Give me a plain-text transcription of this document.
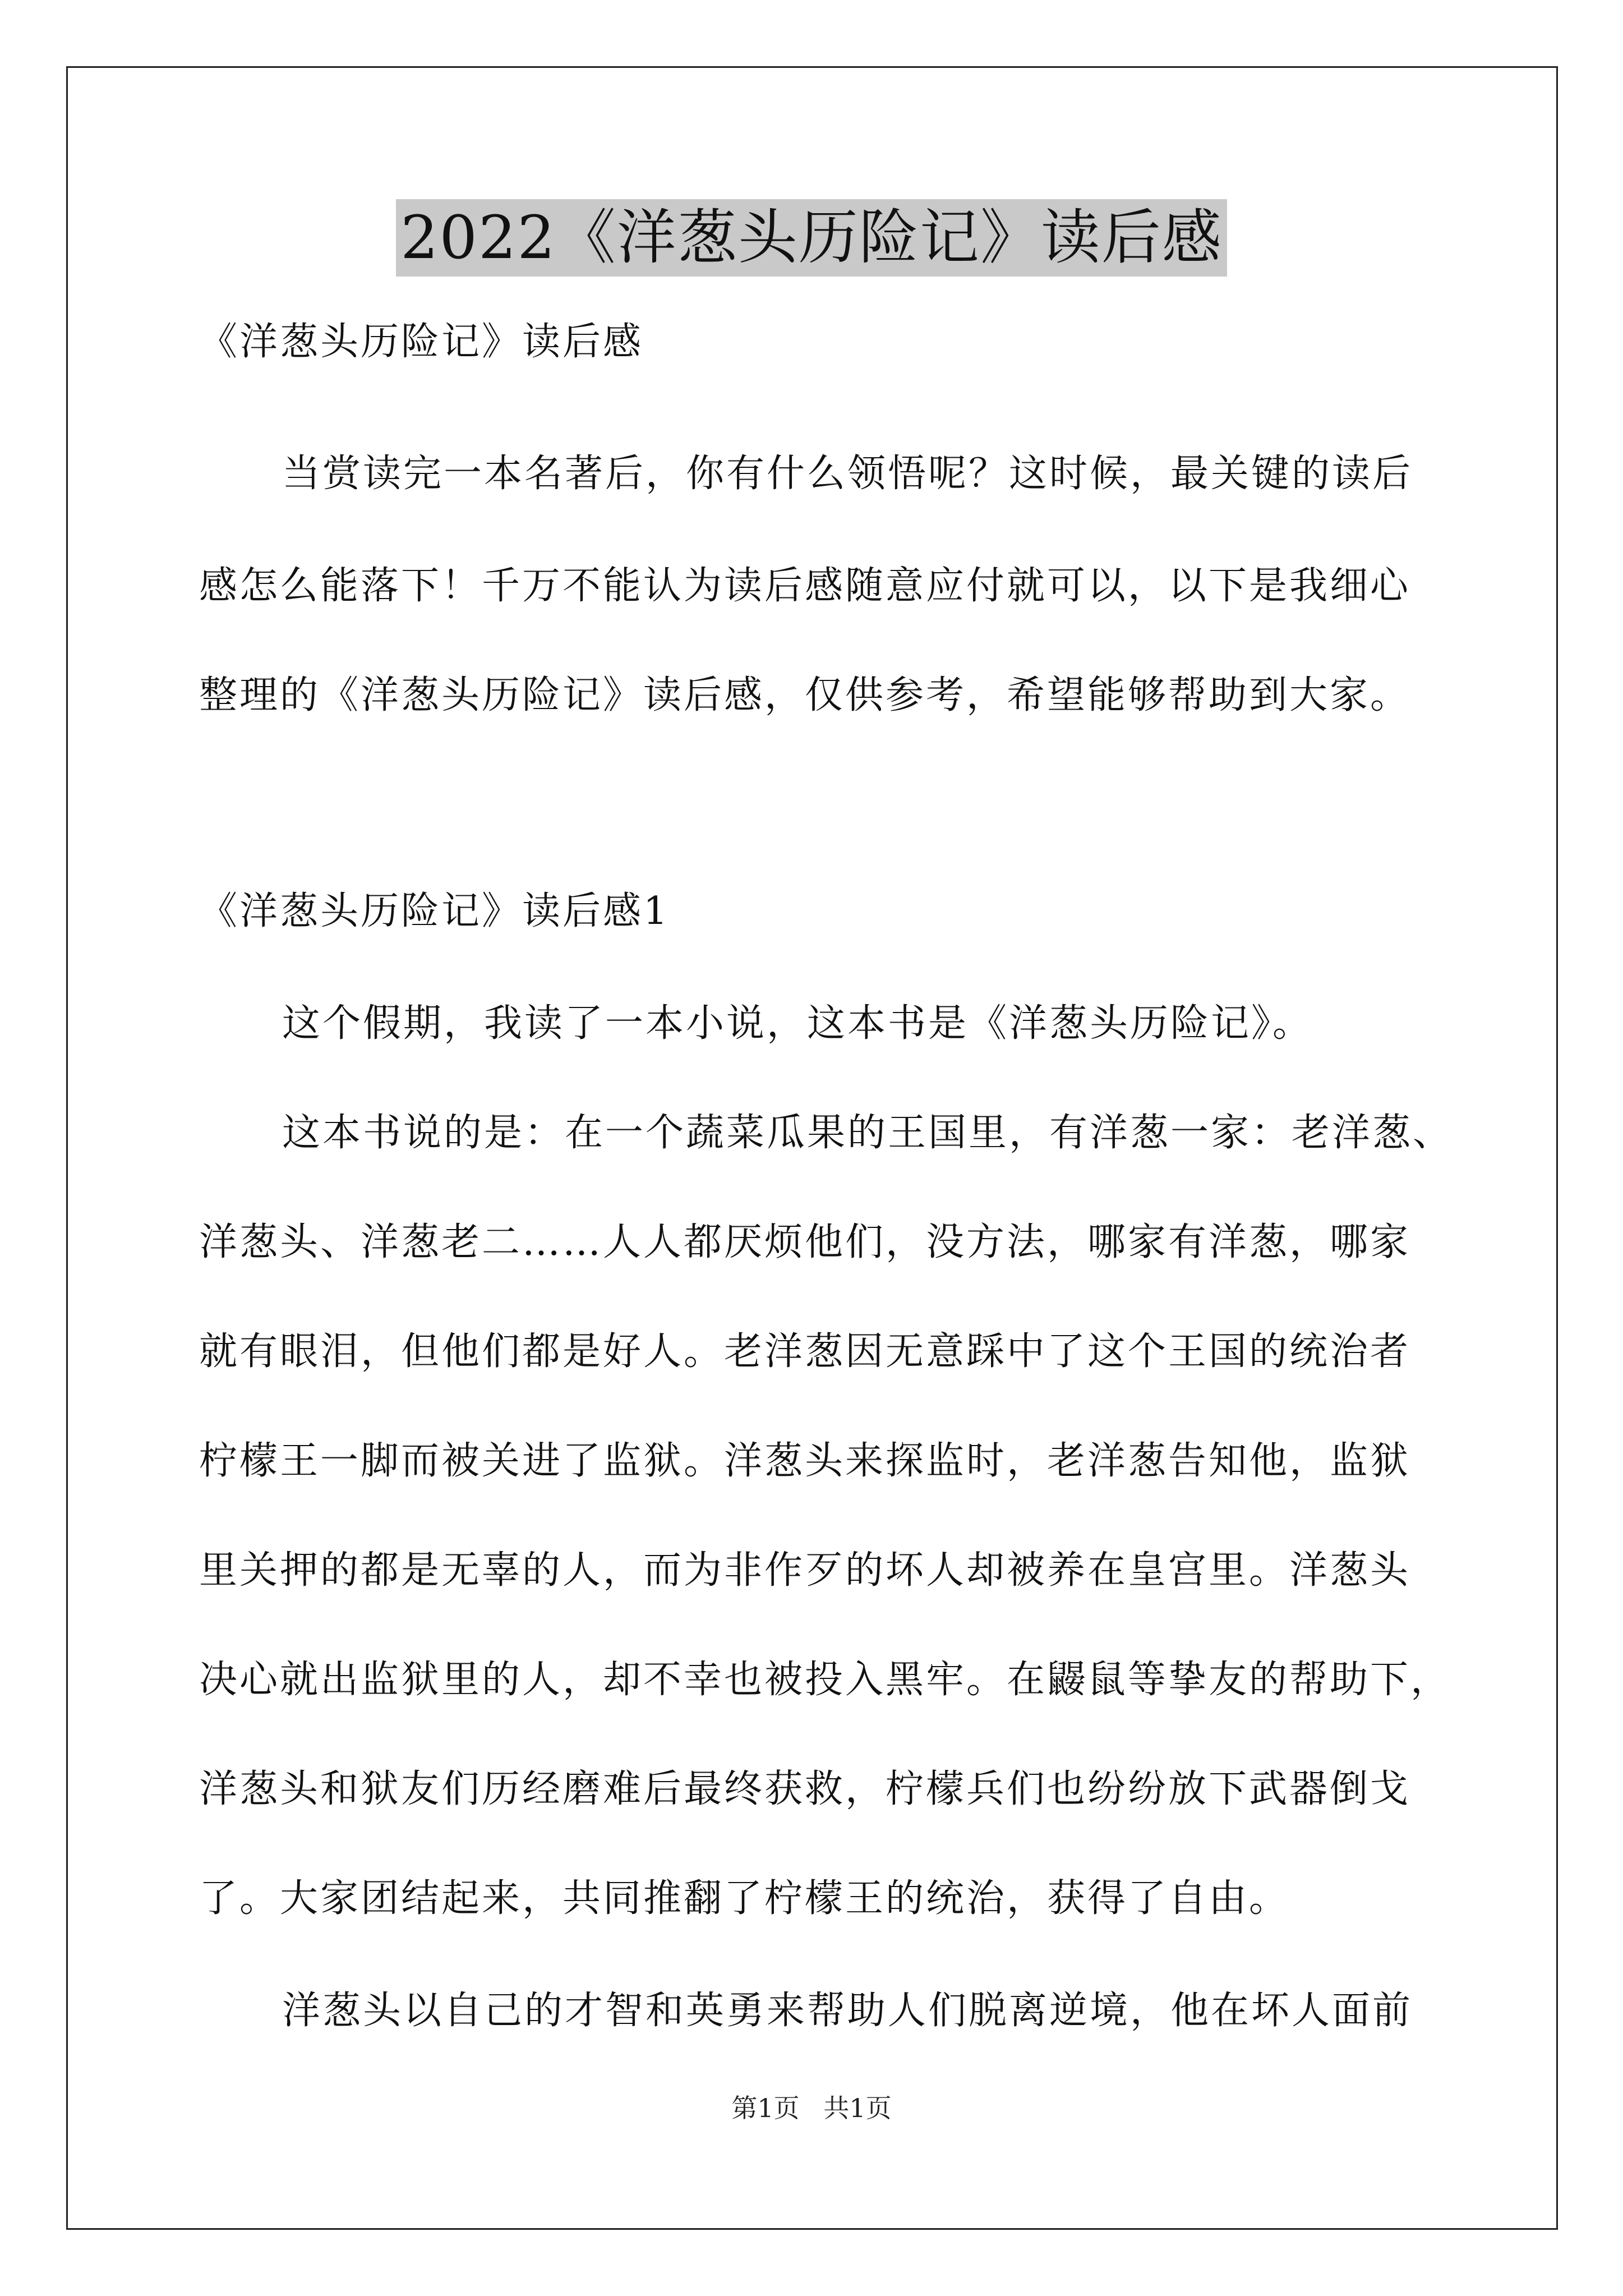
2022《洋葱头历险记》读后感
《洋葱头历险记》读后感
当赏读完一本名著后，你有什么领悟呢？这时候，最关键的读后
感怎么能落下！千万不能认为读后感随意应付就可以，以下是我细心
整理的《洋葱头历险记》读后感，仅供参考，希望能够帮助到大家。
《洋葱头历险记》读后感1
这个假期，我读了一本小说，这本书是《洋葱头历险记》。
这本书说的是：在一个蔬菜瓜果的王国里，有洋葱一家：老洋葱、
洋葱头、洋葱老二……人人都厌烦他们，没方法，哪家有洋葱，哪家
就有眼泪，但他们都是好人。老洋葱因无意踩中了这个王国的统治者
柠檬王一脚而被关进了监狱。洋葱头来探监时，老洋葱告知他，监狱
里关押的都是无辜的人，而为非作歹的坏人却被养在皇宫里。洋葱头
决心就出监狱里的人，却不幸也被投入黑牢。在鼹鼠等挚友的帮助下，
洋葱头和狱友们历经磨难后最终获救，柠檬兵们也纷纷放下武器倒戈
了。大家团结起来，共同推翻了柠檬王的统治，获得了自由。
洋葱头以自己的才智和英勇来帮助人们脱离逆境，他在坏人面前
第1页 共1页
